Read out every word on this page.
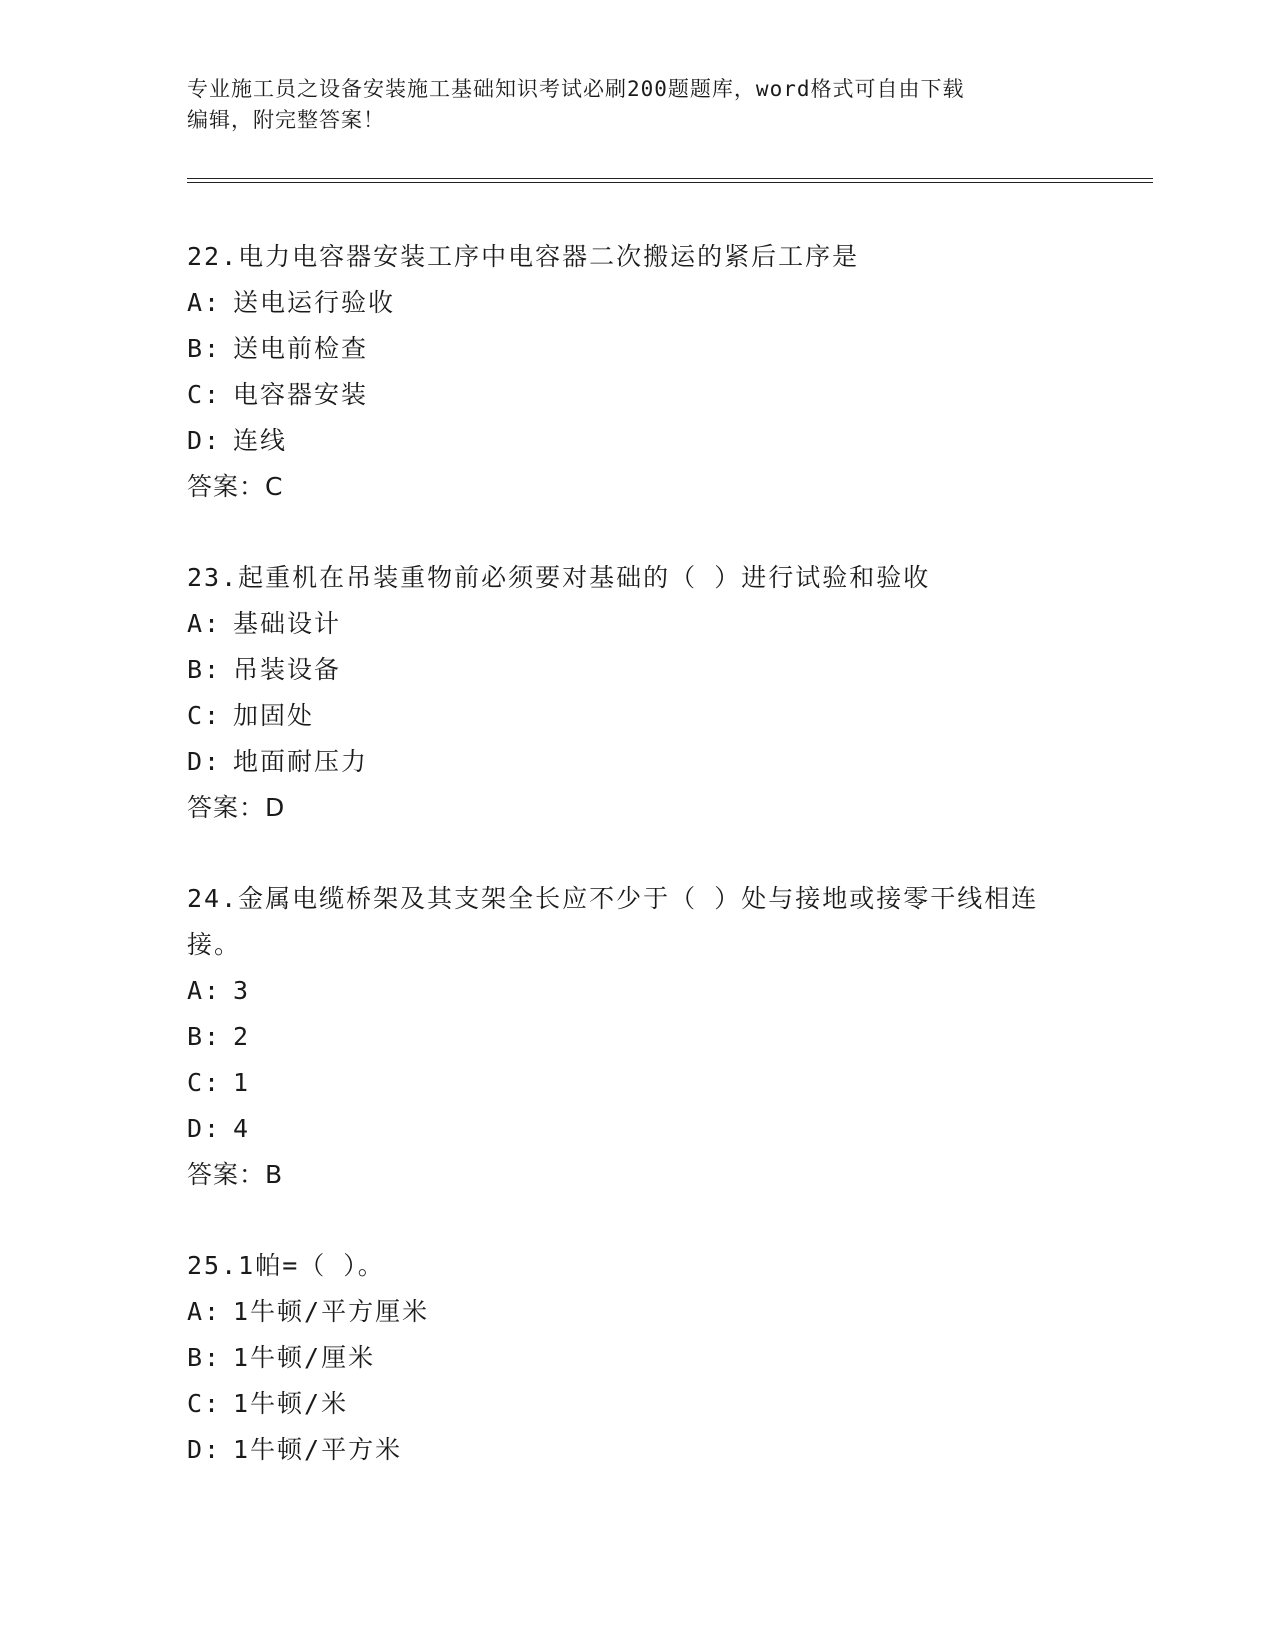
专业施工员之设备安装施工基础知识考试必刷200题题库，word格式可自由下载
编辑，附完整答案！
22.电力电容器安装工序中电容器二次搬运的紧后工序是
A: 送电运行验收
B: 送电前检查
C: 电容器安装
D: 连线
答案：C
23.起重机在吊装重物前必须要对基础的（ ）进行试验和验收
A: 基础设计
B: 吊装设备
C: 加固处
D: 地面耐压力
答案：D
24.金属电缆桥架及其支架全长应不少于（ ）处与接地或接零干线相连接。
A: 3
B: 2
C: 1
D: 4
答案：B
25.1帕=（ ）。
A: 1牛顿/平方厘米
B: 1牛顿/厘米
C: 1牛顿/米
D: 1牛顿/平方米
